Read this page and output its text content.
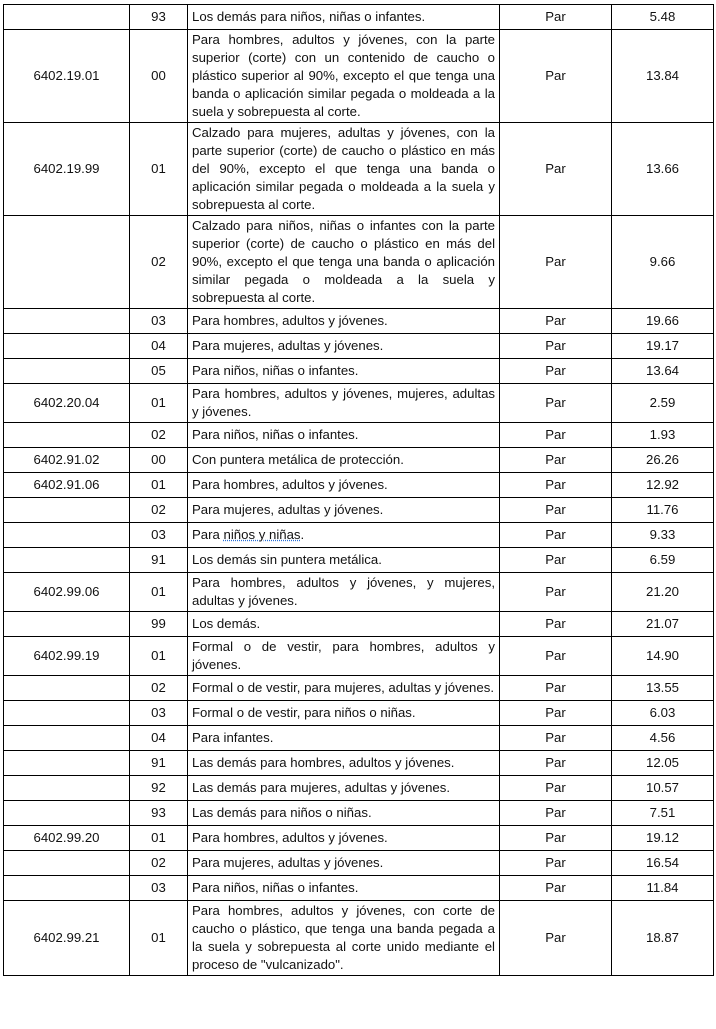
	93	Los demás para niños, niñas o infantes.	Par	5.48
6402.19.01	00	Para hombres, adultos y jóvenes, con la parte superior (corte) con un contenido de caucho o plástico superior al 90%, excepto el que tenga una banda o aplicación similar pegada o moldeada a la suela y sobrepuesta al corte.	Par	13.84
6402.19.99	01	Calzado para mujeres, adultas y jóvenes, con la parte superior (corte) de caucho o plástico en más del 90%, excepto el que tenga una banda o aplicación similar pegada o moldeada a la suela y sobrepuesta al corte.	Par	13.66
	02	Calzado para niños, niñas o infantes con la parte superior (corte) de caucho o plástico en más del 90%, excepto el que tenga una banda o aplicación similar pegada o moldeada a la suela y sobrepuesta al corte.	Par	9.66
	03	Para hombres, adultos y jóvenes.	Par	19.66
	04	Para mujeres, adultas y jóvenes.	Par	19.17
	05	Para niños, niñas o infantes.	Par	13.64
6402.20.04	01	Para hombres, adultos y jóvenes, mujeres, adultas y jóvenes.	Par	2.59
	02	Para niños, niñas o infantes.	Par	1.93
6402.91.02	00	Con puntera metálica de protección.	Par	26.26
6402.91.06	01	Para hombres, adultos y jóvenes.	Par	12.92
	02	Para mujeres, adultas y jóvenes.	Par	11.76
	03	Para niños y niñas.	Par	9.33
	91	Los demás sin puntera metálica.	Par	6.59
6402.99.06	01	Para hombres, adultos y jóvenes, y mujeres, adultas y jóvenes.	Par	21.20
	99	Los demás.	Par	21.07
6402.99.19	01	Formal o de vestir, para hombres, adultos y jóvenes.	Par	14.90
	02	Formal o de vestir, para mujeres, adultas y jóvenes.	Par	13.55
	03	Formal o de vestir, para niños o niñas.	Par	6.03
	04	Para infantes.	Par	4.56
	91	Las demás para hombres, adultos y jóvenes.	Par	12.05
	92	Las demás para mujeres, adultas y jóvenes.	Par	10.57
	93	Las demás para niños o niñas.	Par	7.51
6402.99.20	01	Para hombres, adultos y jóvenes.	Par	19.12
	02	Para mujeres, adultas y jóvenes.	Par	16.54
	03	Para niños, niñas o infantes.	Par	11.84
6402.99.21	01	Para hombres, adultos y jóvenes, con corte de caucho o plástico, que tenga una banda pegada a la suela y sobrepuesta al corte unido mediante el proceso de "vulcanizado".	Par	18.87
